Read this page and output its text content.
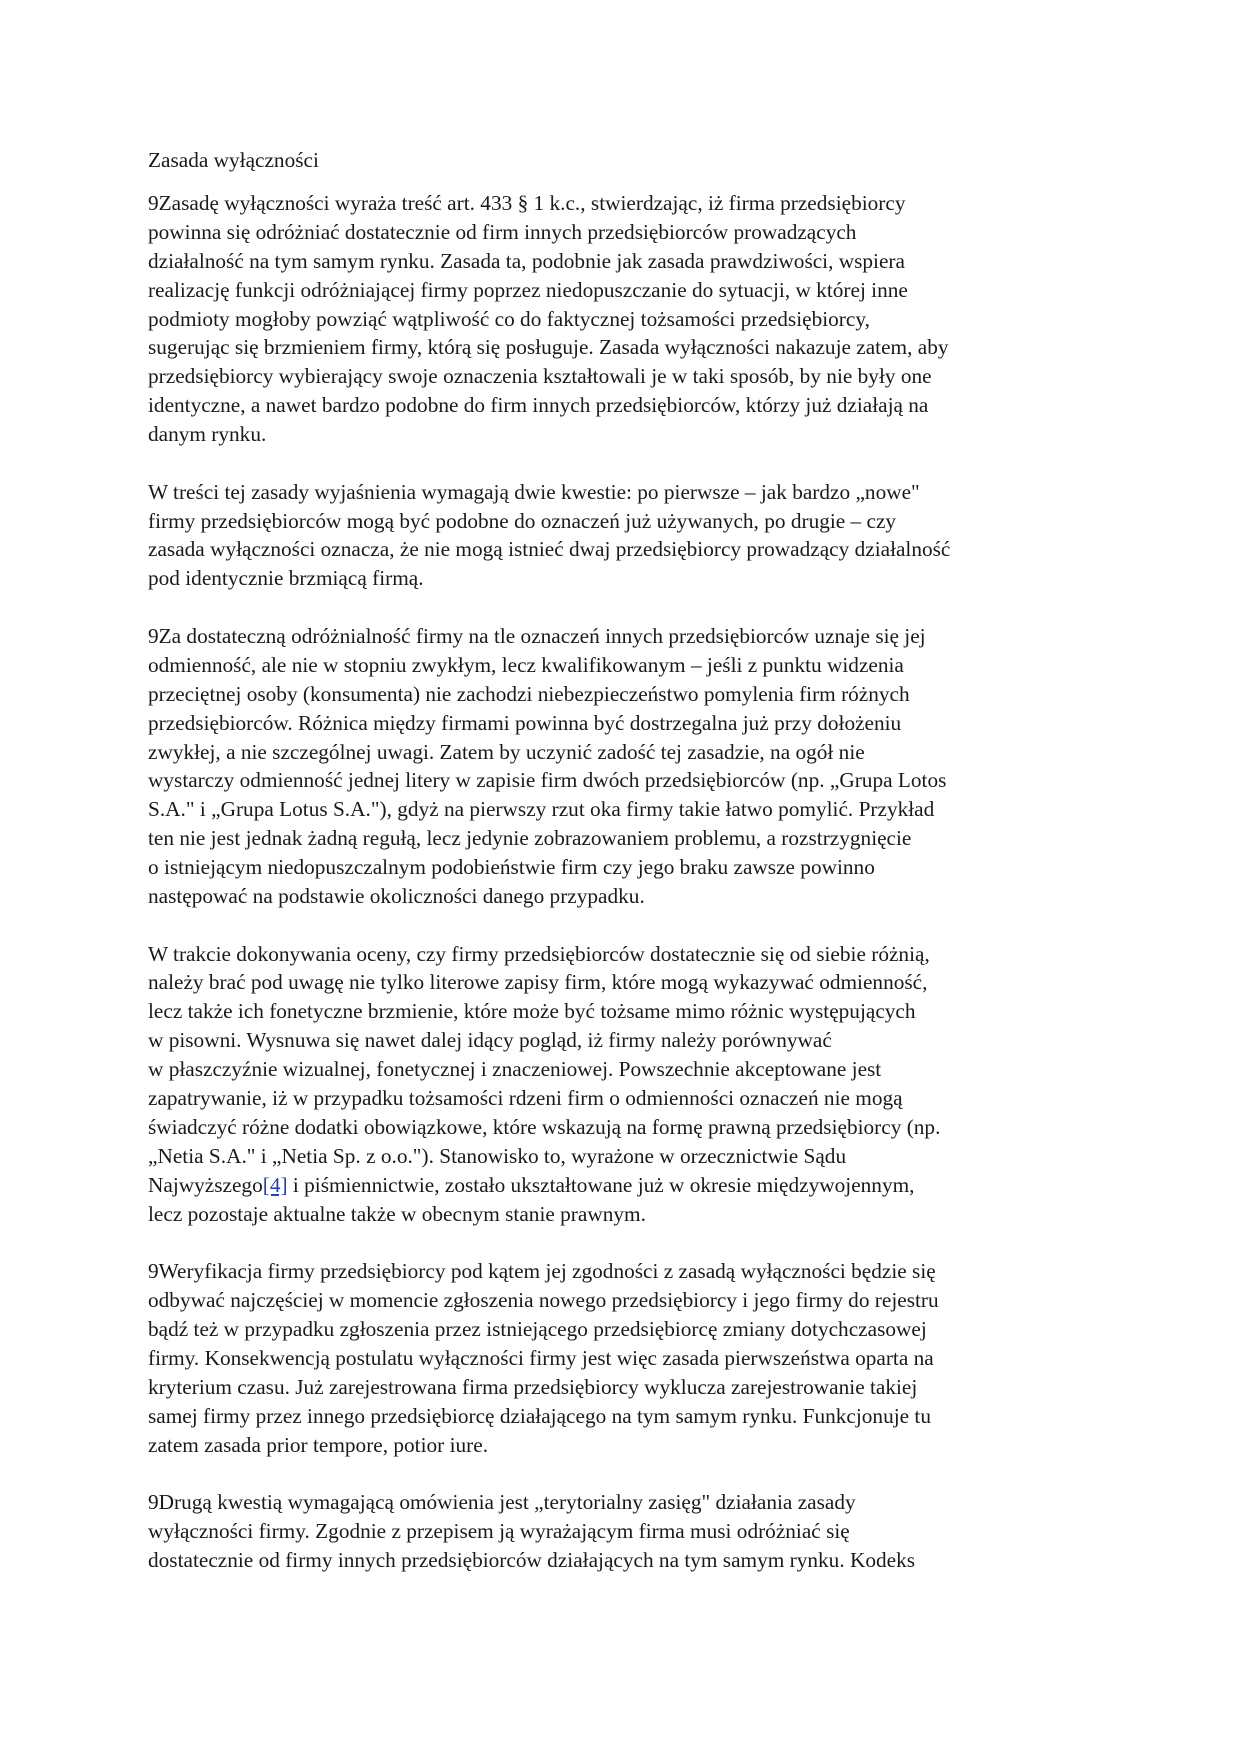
Zasada wyłączności
9Zasadę wyłączności wyraża treść art. 433 § 1 k.c., stwierdzając, iż firma przedsiębiorcy
powinna się odróżniać dostatecznie od firm innych przedsiębiorców prowadzących
działalność na tym samym rynku. Zasada ta, podobnie jak zasada prawdziwości, wspiera
realizację funkcji odróżniającej firmy poprzez niedopuszczanie do sytuacji, w której inne
podmioty mogłoby powziąć wątpliwość co do faktycznej tożsamości przedsiębiorcy,
sugerując się brzmieniem firmy, którą się posługuje. Zasada wyłączności nakazuje zatem, aby
przedsiębiorcy wybierający swoje oznaczenia kształtowali je w taki sposób, by nie były one
identyczne, a nawet bardzo podobne do firm innych przedsiębiorców, którzy już działają na
danym rynku.
W treści tej zasady wyjaśnienia wymagają dwie kwestie: po pierwsze – jak bardzo „nowe"
firmy przedsiębiorców mogą być podobne do oznaczeń już używanych, po drugie – czy
zasada wyłączności oznacza, że nie mogą istnieć dwaj przedsiębiorcy prowadzący działalność
pod identycznie brzmiącą firmą.
9Za dostateczną odróżnialność firmy na tle oznaczeń innych przedsiębiorców uznaje się jej
odmienność, ale nie w stopniu zwykłym, lecz kwalifikowanym – jeśli z punktu widzenia
przeciętnej osoby (konsumenta) nie zachodzi niebezpieczeństwo pomylenia firm różnych
przedsiębiorców. Różnica między firmami powinna być dostrzegalna już przy dołożeniu
zwykłej, a nie szczególnej uwagi. Zatem by uczynić zadość tej zasadzie, na ogół nie
wystarczy odmienność jednej litery w zapisie firm dwóch przedsiębiorców (np. „Grupa Lotos
S.A." i „Grupa Lotus S.A."), gdyż na pierwszy rzut oka firmy takie łatwo pomylić. Przykład
ten nie jest jednak żadną regułą, lecz jedynie zobrazowaniem problemu, a rozstrzygnięcie
o istniejącym niedopuszczalnym podobieństwie firm czy jego braku zawsze powinno
następować na podstawie okoliczności danego przypadku.
W trakcie dokonywania oceny, czy firmy przedsiębiorców dostatecznie się od siebie różnią,
należy brać pod uwagę nie tylko literowe zapisy firm, które mogą wykazywać odmienność,
lecz także ich fonetyczne brzmienie, które może być tożsame mimo różnic występujących
w pisowni. Wysnuwa się nawet dalej idący pogląd, iż firmy należy porównywać
w płaszczyźnie wizualnej, fonetycznej i znaczeniowej. Powszechnie akceptowane jest
zapatrywanie, iż w przypadku tożsamości rdzeni firm o odmienności oznaczeń nie mogą
świadczyć różne dodatki obowiązkowe, które wskazują na formę prawną przedsiębiorcy (np.
„Netia S.A." i „Netia Sp. z o.o."). Stanowisko to, wyrażone w orzecznictwie Sądu
Najwyższego[4] i piśmiennictwie, zostało ukształtowane już w okresie międzywojennym,
lecz pozostaje aktualne także w obecnym stanie prawnym.
9Weryfikacja firmy przedsiębiorcy pod kątem jej zgodności z zasadą wyłączności będzie się
odbywać najczęściej w momencie zgłoszenia nowego przedsiębiorcy i jego firmy do rejestru
bądź też w przypadku zgłoszenia przez istniejącego przedsiębiorcę zmiany dotychczasowej
firmy. Konsekwencją postulatu wyłączności firmy jest więc zasada pierwszeństwa oparta na
kryterium czasu. Już zarejestrowana firma przedsiębiorcy wyklucza zarejestrowanie takiej
samej firmy przez innego przedsiębiorcę działającego na tym samym rynku. Funkcjonuje tu
zatem zasada prior tempore, potior iure.
9Drugą kwestią wymagającą omówienia jest „terytorialny zasięg" działania zasady
wyłączności firmy. Zgodnie z przepisem ją wyrażającym firma musi odróżniać się
dostatecznie od firmy innych przedsiębiorców działających na tym samym rynku. Kodeks
